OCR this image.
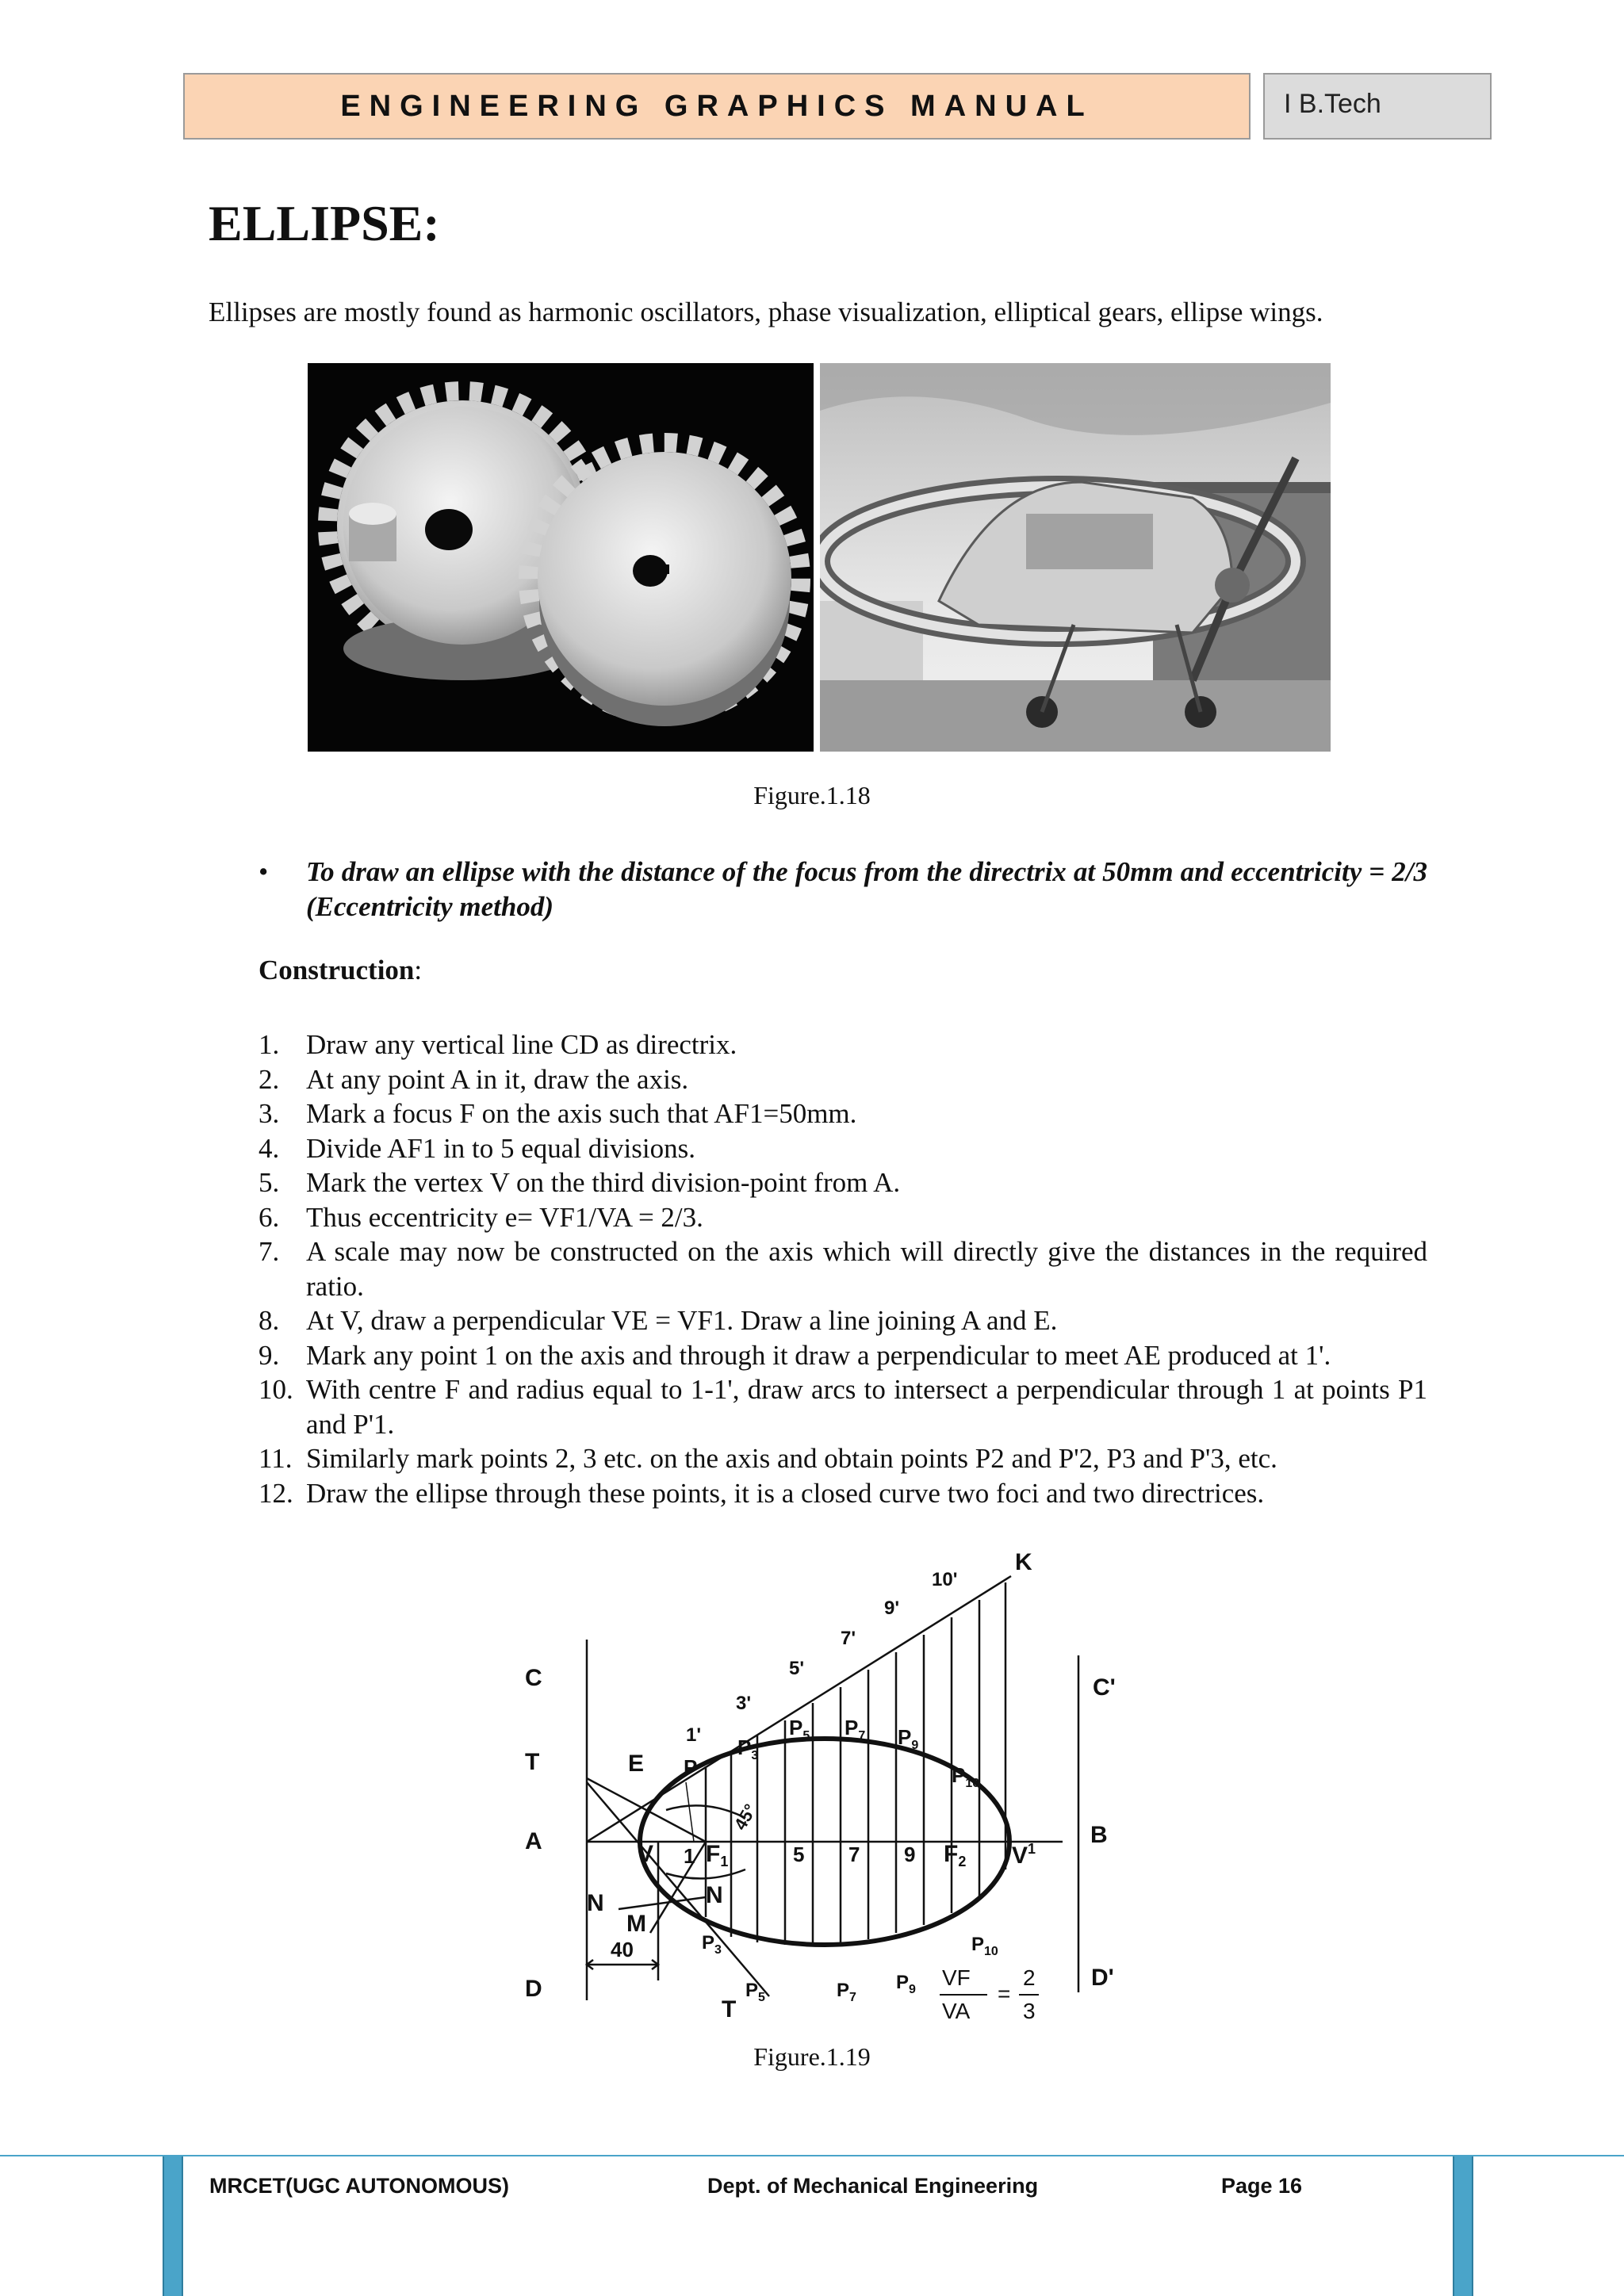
ENGINEERING GRAPHICS MANUAL	I B.Tech
ELLIPSE:

Ellipses are mostly found as harmonic oscillators, phase visualization, elliptical gears, ellipse wings.

Figure.1.18
• To draw an ellipse with the distance of the focus from the directrix at 50mm and eccentricity = 2/3 (Eccentricity method)

Construction:
1. Draw any vertical line CD as directrix.
2. At any point A in it, draw the axis.
3. Mark a focus F on the axis such that AF1=50mm.
4. Divide AF1 in to 5 equal divisions.
5. Mark the vertex V on the third division-point from A.
6. Thus eccentricity e= VF1/VA = 2/3.
7. A scale may now be constructed on the axis which will directly give the distances in the required ratio.
8. At V, draw a perpendicular VE = VF1. Draw a line joining A and E.
9. Mark any point 1 on the axis and through it draw a perpendicular to meet AE produced at 1'.
10. With centre F and radius equal to 1-1', draw arcs to intersect a perpendicular through 1 at points P1 and P'1.
11. Similarly mark points 2, 3 etc. on the axis and obtain points P2 and P'2, P3 and P'3, etc.
12. Draw the ellipse through these points, it is a closed curve two foci and two directrices.
K
C	C'
T	E
A	B
V
N
M
N
D	D'
T
40
45°
$F_1$	$F_2$ $V^1$
1	5 7 9
1'
3'
5'
7'
9'
10'
P
$P_3$
$P_5$ $P_7$ $P_9$
$P_{10}$
$P_3$
$P_5$	$P_7$
$P_9$
$P_{10}$
VF
VA
=
2
3
Figure.1.19
MRCET(UGC AUTONOMOUS)	Dept. of Mechanical Engineering	Page 16
